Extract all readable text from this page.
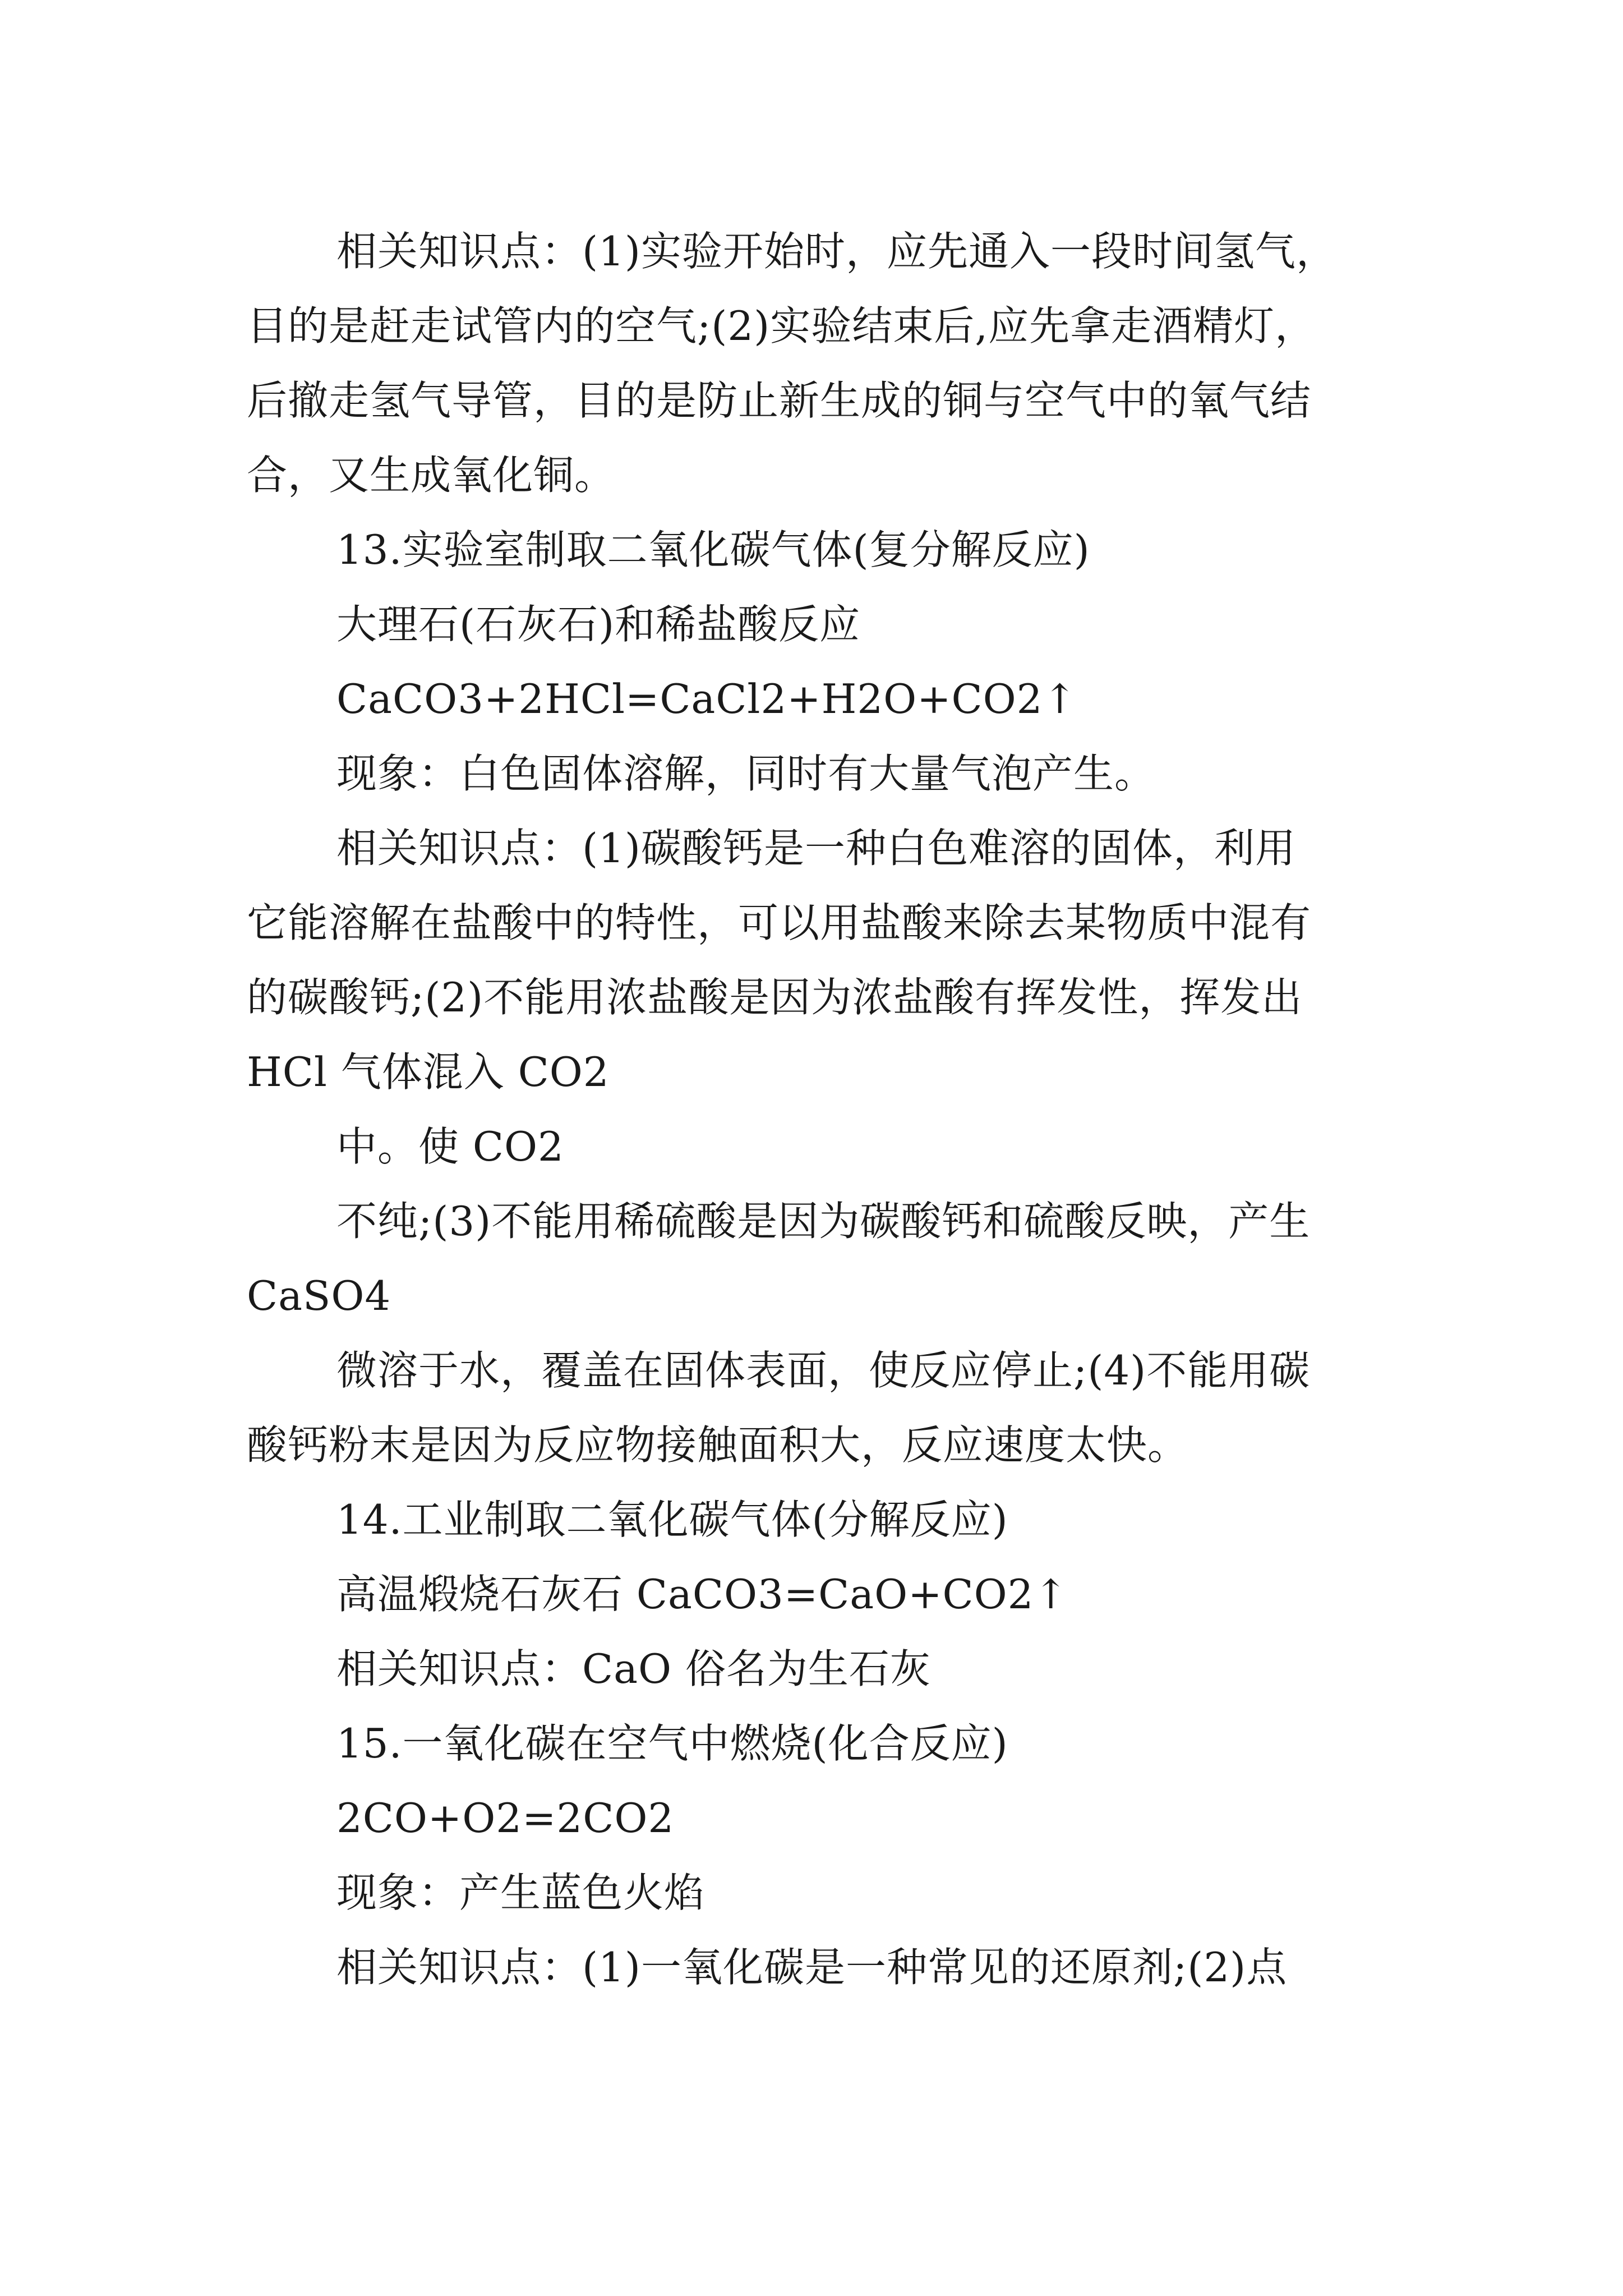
相关知识点：(1)实验开始时，应先通入一段时间氢气，
目的是赶走试管内的空气;(2)实验结束后,应先拿走酒精灯，
后撤走氢气导管，目的是防止新生成的铜与空气中的氧气结
合，又生成氧化铜。
13.实验室制取二氧化碳气体(复分解反应)
大理石(石灰石)和稀盐酸反应
CaCO3+2HCl=CaCl2+H2O+CO2↑
现象：白色固体溶解，同时有大量气泡产生。
相关知识点：(1)碳酸钙是一种白色难溶的固体，利用
它能溶解在盐酸中的特性，可以用盐酸来除去某物质中混有
的碳酸钙;(2)不能用浓盐酸是因为浓盐酸有挥发性，挥发出
HCl 气体混入 CO2
中。使 CO2
不纯;(3)不能用稀硫酸是因为碳酸钙和硫酸反映，产生
CaSO4
微溶于水，覆盖在固体表面，使反应停止;(4)不能用碳
酸钙粉末是因为反应物接触面积大，反应速度太快。
14.工业制取二氧化碳气体(分解反应)
高温煅烧石灰石 CaCO3=CaO+CO2↑
相关知识点：CaO 俗名为生石灰
15.一氧化碳在空气中燃烧(化合反应)
2CO+O2=2CO2
现象：产生蓝色火焰
相关知识点：(1)一氧化碳是一种常见的还原剂;(2)点
